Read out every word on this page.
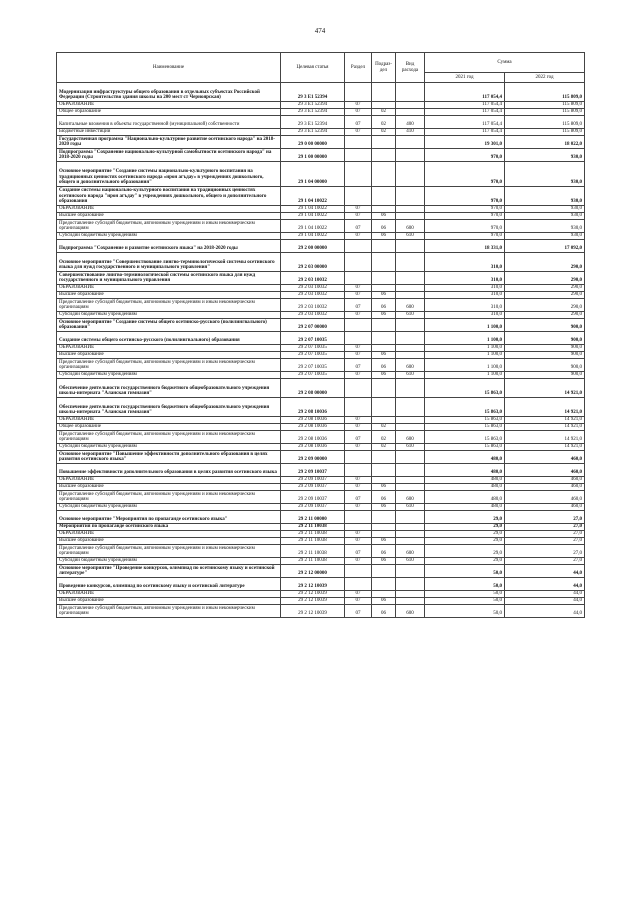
474
Наименование	Целевая статья	Раздел	Подраз-дел	Вид расхода	Сумма	
					2021 год	2022 год
Модернизация инфраструктуры общего образования в отдельных субъектах Российской Федерации (Строительство здания школы на 200 мест ст Черноярская)	29 3 Е1 52394				117 054,4	115 809,0
ОБРАЗОВАНИЕ	29 3 Е1 52394	07			117 054,4	115 809,0
Общее образование	29 3 Е1 52394	07	02		117 054,4	115 809,0
Капитальные вложения в объекты государственной (муниципальной) собственности	29 3 Е1 52394	07	02	400	117 054,4	115 809,0
Бюджетные инвестиции	29 3 Е1 52394	07	02	410	117 054,4	115 809,0
Государственная программа "Национально-культурное развитие осетинского народа" на 2018-2020 годы	29 0 00 00000				19 301,0	18 022,0
Подпрограмма "Сохранение национально-культурной самобытности осетинского народа" на 2018-2020 годы	29 1 00 00000				970,0	930,0
Основное мероприятие "Создание системы национально-культурного воспитания на традиционных ценностях осетинского народа «ирон агъдау» в учреждениях дошкольного, общего и дополнительного образования"	29 1 04 00000				970,0	930,0
Создание системы национально-культурного воспитания на традиционных ценностях осетинского народа "ирон агъдау" в учреждениях дошкольного, общего и дополнительного образования	29 1 04 10022				970,0	930,0
ОБРАЗОВАНИЕ	29 1 04 10022	07			970,0	930,0
Высшее образование	29 1 04 10022	07	06		970,0	930,0
Предоставление субсидий бюджетным, автономным учреждениям и иным некоммерческим организациям	29 1 04 10022	07	06	600	970,0	930,0
Субсидии бюджетным учреждениям	29 1 04 10022	07	06	610	970,0	930,0
Подпрограмма "Сохранение и развитие осетинского языка" на 2018-2020 годы	29 2 00 00000				18 331,0	17 092,0
Основное мероприятие "Совершенствование лингво-терминологической системы осетинского языка для нужд государственного и муниципального управления"	29 2 03 00000				310,0	290,0
Совершенствование лингво-терминологической системы осетинского языка для нужд государственного и муниципального управления	29 2 03 10032				310,0	290,0
ОБРАЗОВАНИЕ	29 2 03 10032	07			310,0	290,0
Высшее образование	29 2 03 10032	07	06		310,0	290,0
Предоставление субсидий бюджетным, автономным учреждениям и иным некоммерческим организациям	29 2 03 10032	07	06	600	310,0	290,0
Субсидии бюджетным учреждениям	29 2 03 10032	07	06	610	310,0	290,0
Основное мероприятие "Создание системы общего осетинско-русского (полилингвального) образования"	29 2 07 00000				1 100,0	900,0
Создание системы общего осетинско-русского (полилингвального) образования	29 2 07 10035				1 100,0	900,0
ОБРАЗОВАНИЕ	29 2 07 10035	07			1 100,0	900,0
Высшее образование	29 2 07 10035	07	06		1 100,0	900,0
Предоставление субсидий бюджетным, автономным учреждениям и иным некоммерческим организациям	29 2 07 10035	07	06	600	1 100,0	900,0
Субсидии бюджетным учреждениям	29 2 07 10035	07	06	610	1 100,0	900,0
Обеспечение деятельности государственного бюджетного общеобразовательного учреждения школы-интерната "Аланская гимназия"	29 2 08 00000				15 863,0	14 921,0
Обеспечение деятельности государственного бюджетного общеобразовательного учреждения школы-интерната "Аланская гимназия"	29 2 08 10036				15 863,0	14 921,0
ОБРАЗОВАНИЕ	29 2 08 10036	07			15 863,0	14 921,0
Общее образование	29 2 08 10036	07	02		15 863,0	14 921,0
Предоставление субсидий бюджетным, автономным учреждениям и иным некоммерческим организациям	29 2 08 10036	07	02	600	15 863,0	14 921,0
Субсидии бюджетным учреждениям	29 2 08 10036	07	02	610	15 863,0	14 921,0
Основное мероприятие "Повышение эффективности дополнительного образования в целях развития осетинского языка"	29 2 09 00000				480,0	460,0
Повышение эффективности дополнительного образования в целях развития осетинского языка	29 2 09 10037				480,0	460,0
ОБРАЗОВАНИЕ	29 2 09 10037	07			480,0	460,0
Высшее образование	29 2 09 10037	07	06		480,0	460,0
Предоставление субсидий бюджетным, автономным учреждениям и иным некоммерческим организациям	29 2 09 10037	07	06	600	480,0	460,0
Субсидии бюджетным учреждениям	29 2 09 10037	07	06	610	480,0	460,0
Основное мероприятие "Мероприятия по пропаганде осетинского языка"	29 2 11 00000				29,0	27,0
Мероприятия по пропаганде осетинского языка	29 2 11 10038				29,0	27,0
ОБРАЗОВАНИЕ	29 2 11 10038	07			29,0	27,0
Высшее образование	29 2 11 10038	07	06		29,0	27,0
Предоставление субсидий бюджетным, автономным учреждениям и иным некоммерческим организациям	29 2 11 10038	07	06	600	29,0	27,0
Субсидии бюджетным учреждениям	29 2 11 10038	07	06	610	29,0	27,0
Основное мероприятие "Проведение конкурсов, олимпиад по осетинскому языку и осетинской литературе"	29 2 12 00000				50,0	44,0
Проведение конкурсов, олимпиад по осетинскому языку и осетинской литературе	29 2 12 10039				50,0	44,0
ОБРАЗОВАНИЕ	29 2 12 10039	07			50,0	44,0
Высшее образование	29 2 12 10039	07	06		50,0	44,0
Предоставление субсидий бюджетным, автономным учреждениям и иным некоммерческим организациям	29 2 12 10039	07	06	600	50,0	44,0
